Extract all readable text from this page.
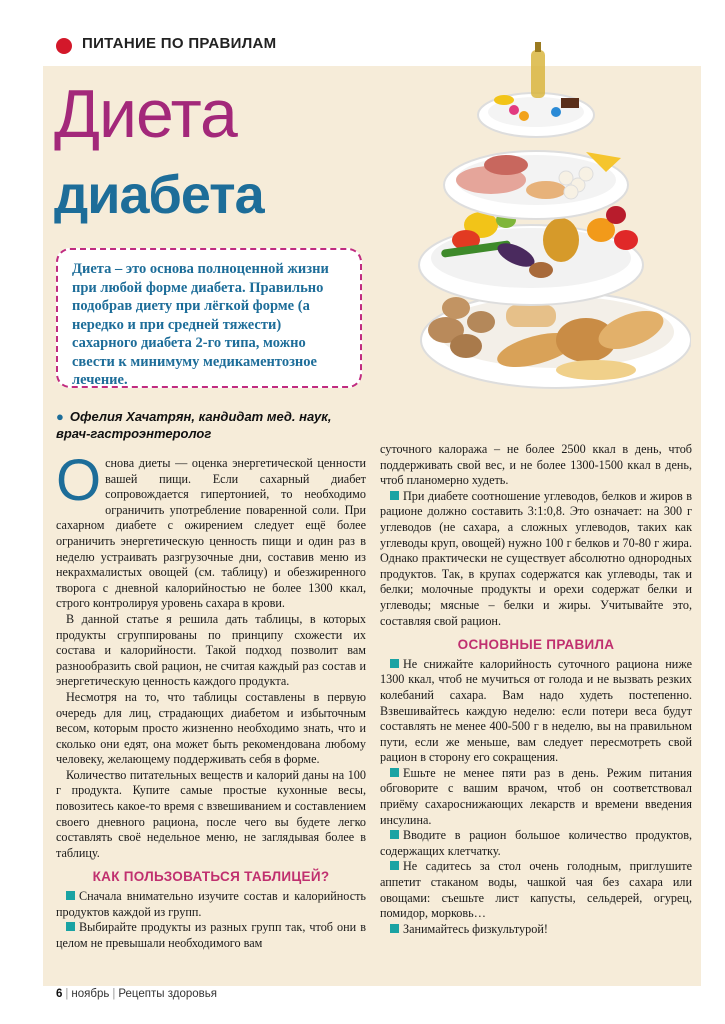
ПИТАНИЕ ПО ПРАВИЛАМ
Диета
диабета

Диета – это основа полноценной жизни при любой форме диабета. Правильно подобрав диету при лёгкой форме (а нередко и при средней тяжести) сахарного диабета 2-го типа, можно свести к минимуму медикаментозное лечение.

● Офелия Хачатрян, кандидат мед. наук,
врач-гастроэнтеролог

Основа диеты — оценка энергетической ценности вашей пищи. Если сахарный диабет сопровождается гипертонией, то необходимо ограничить употребление поваренной соли. При сахарном диабете с ожирением следует ещё более ограничить энергетическую ценность пищи и один раз в неделю устраивать разгрузочные дни, составив меню из некрахмалистых овощей (см. таблицу) и обезжиренного творога с дневной калорийностью не более 1300 ккал, строго контролируя уровень сахара в крови.

В данной статье я решила дать таблицы, в которых продукты сгруппированы по принципу схожести их состава и калорийности. Такой подход позволит вам разнообразить свой рацион, не считая каждый раз состав и энергетическую ценность каждого продукта.

Несмотря на то, что таблицы составлены в первую очередь для лиц, страдающих диабетом и избыточным весом, которым просто жизненно необходимо знать, что и сколько они едят, она может быть рекомендована любому человеку, желающему поддерживать себя в форме.

Количество питательных веществ и калорий даны на 100 г продукта. Купите самые простые кухонные весы, повозитесь какое-то время с взвешиванием и составлением своего дневного рациона, после чего вы будете легко составлять своё недельное меню, не заглядывая более в таблицу.

КАК ПОЛЬЗОВАТЬСЯ ТАБЛИЦЕЙ?

Сначала внимательно изучите состав и калорийность продуктов каждой из групп.

Выбирайте продукты из разных групп так, чтоб они в целом не превышали необходимого вам

суточного калоража – не более 2500 ккал в день, чтоб поддерживать свой вес, и не более 1300-1500 ккал в день, чтоб планомерно худеть.

При диабете соотношение углеводов, белков и жиров в рационе должно составить 3:1:0,8. Это означает: на 300 г углеводов (не сахара, а сложных углеводов, таких как углеводы круп, овощей) нужно 100 г белков и 70-80 г жира. Однако практически не существует абсолютно однородных продуктов. Так, в крупах содержатся как углеводы, так и белки; молочные продукты и орехи содержат белки и углеводы; мясные – белки и жиры. Учитывайте это, составляя свой рацион.

ОСНОВНЫЕ ПРАВИЛА

Не снижайте калорийность суточного рациона ниже 1300 ккал, чтоб не мучиться от голода и не вызвать резких колебаний сахара. Вам надо худеть постепенно. Взвешивайтесь каждую неделю: если потери веса будут составлять не менее 400-500 г в неделю, вы на правильном пути, если же меньше, вам следует пересмотреть свой рацион в сторону его сокращения.

Ешьте не менее пяти раз в день. Режим питания обговорите с вашим врачом, чтоб он соответствовал приёму сахароснижающих лекарств и времени введения инсулина.

Вводите в рацион большое количество продуктов, содержащих клетчатку.

Не садитесь за стол очень голодным, приглушите аппетит стаканом воды, чашкой чая без сахара или овощами: съешьте лист капусты, сельдерей, огурец, помидор, морковь…

Занимайтесь физкультурой!

6 | ноябрь | Рецепты здоровья
